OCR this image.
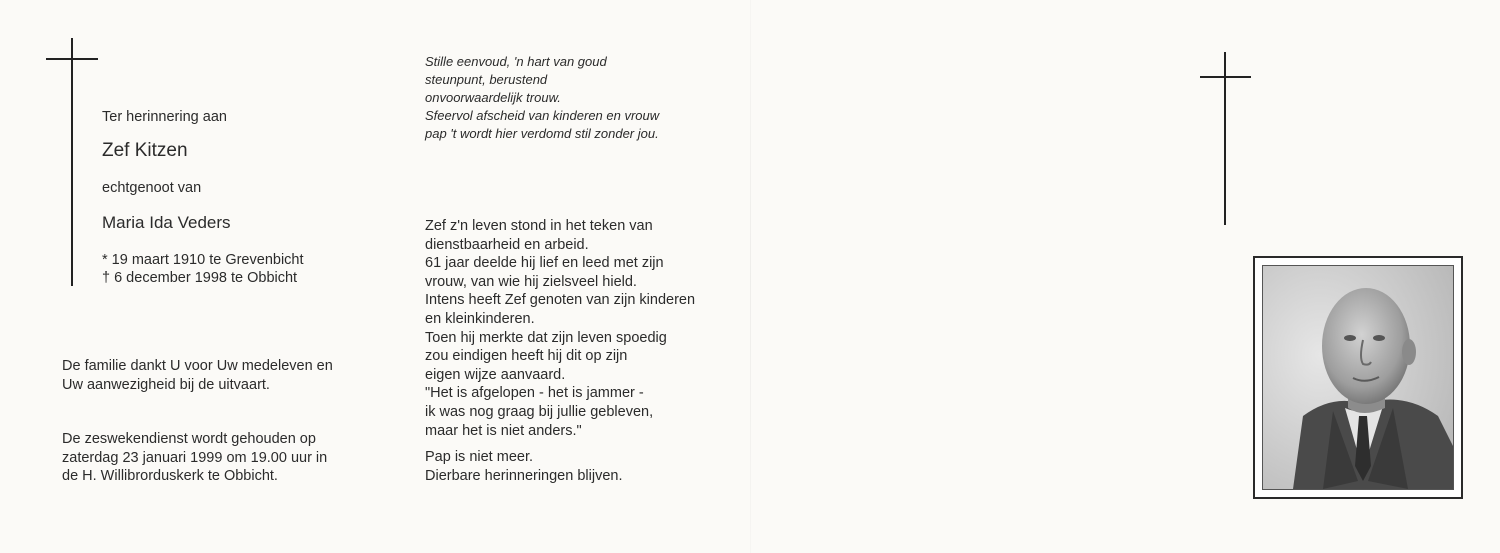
Ter herinnering aan
Zef Kitzen
echtgenoot van
Maria Ida Veders
* 19 maart 1910 te Grevenbicht
† 6 december 1998 te Obbicht
De familie dankt U voor Uw medeleven en
Uw aanwezigheid bij de uitvaart.
De zeswekendienst wordt gehouden op
zaterdag 23 januari 1999 om 19.00 uur in
de H. Willibrorduskerk te Obbicht.
Stille eenvoud, 'n hart van goud
steunpunt, berustend
onvoorwaardelijk trouw.
Sfeervol afscheid van kinderen en vrouw
pap 't wordt hier verdomd stil zonder jou.
Zef z'n leven stond in het teken van
dienstbaarheid en arbeid.
61 jaar deelde hij lief en leed met zijn
vrouw, van wie hij zielsveel hield.
Intens heeft Zef genoten van zijn kinderen
en kleinkinderen.
Toen hij merkte dat zijn leven spoedig
zou eindigen heeft hij dit op zijn
eigen wijze aanvaard.
"Het is afgelopen - het is jammer -
ik was nog graag bij jullie gebleven,
maar het is niet anders."
Pap is niet meer.
Dierbare herinneringen blijven.
